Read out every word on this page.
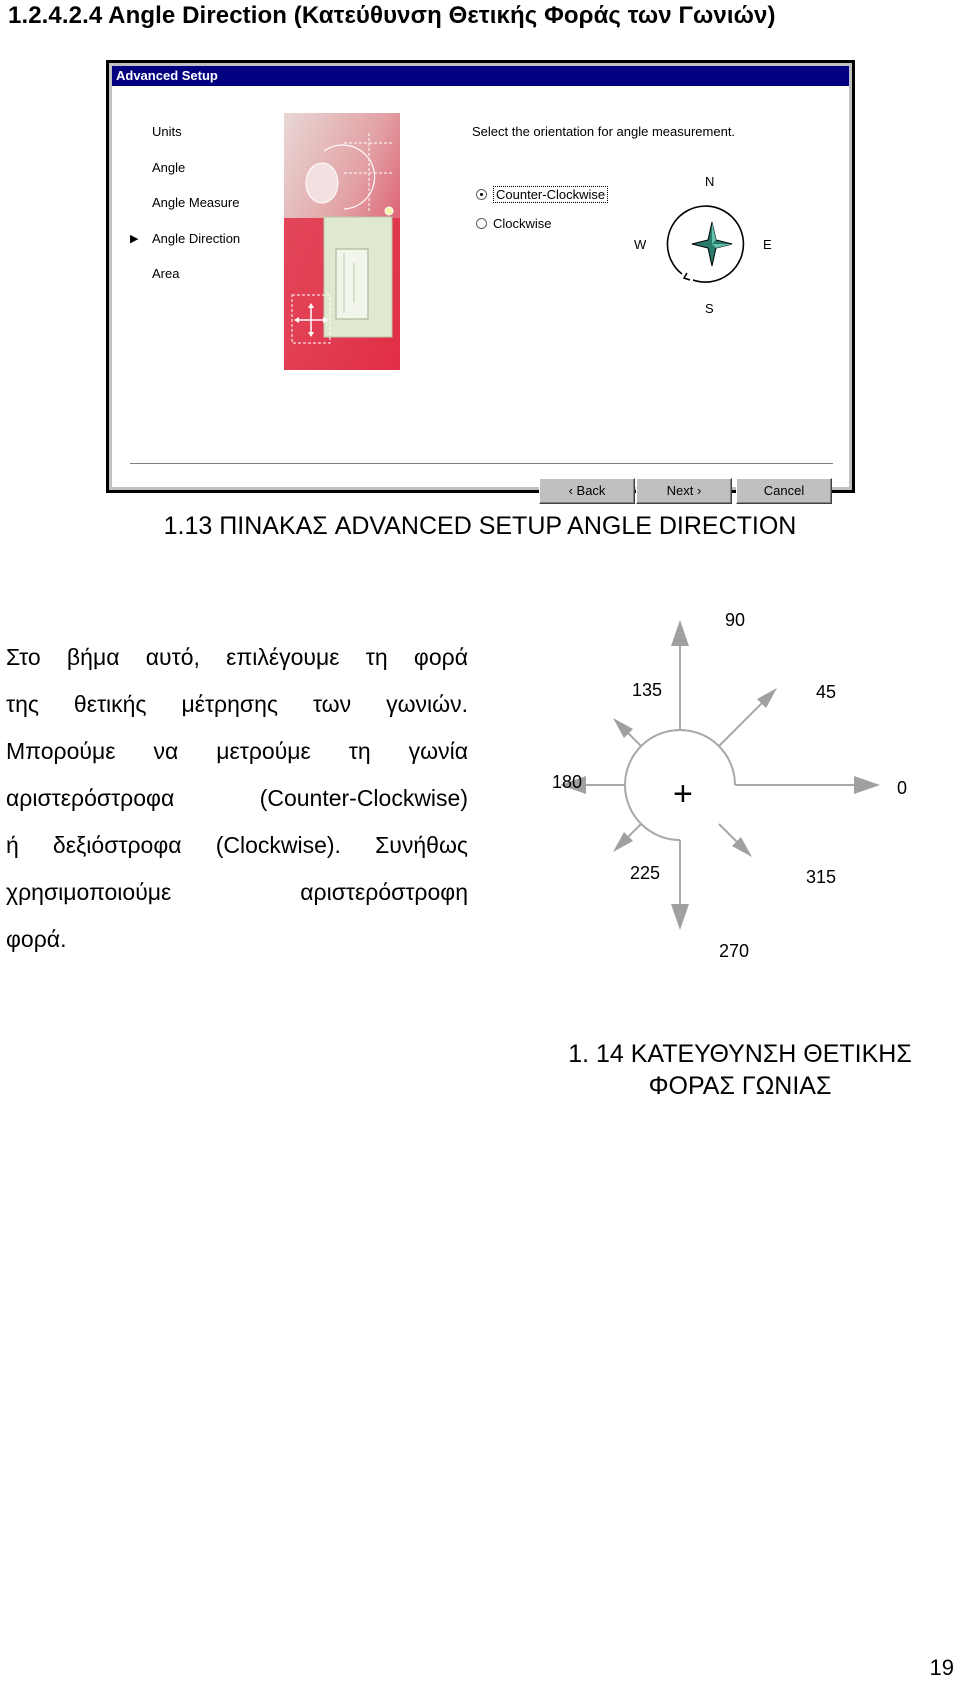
1.2.4.2.4 Angle Direction (Κατεύθυνση Θετικής Φοράς των Γωνιών)
Advanced Setup
Units
Angle
Angle Measure
▶ Angle Direction
Area
Select the orientation for angle measurement.
Counter-Clockwise
Clockwise
N
S
W	E
‹ Back	Next ›	Cancel
1.13 ΠΙΝΑΚΑΣ ADVANCED SETUP ANGLE DIRECTION
Στο βήμα αυτό, επιλέγουμε τη φορά
της θετικής μέτρησης των γωνιών.
Μπορούμε να μετρούμε τη γωνία
αριστερόστροφα (Counter-Clockwise)
ή δεξιόστροφα (Clockwise). Συνήθως
χρησιμοποιούμε αριστερόστροφη
φορά.
+	0
45
90
135
180
225
270
315
1. 14 ΚΑΤΕΥΘΥΝΣΗ ΘΕΤΙΚΗΣ
ΦΟΡΑΣ ΓΩΝΙΑΣ
19
